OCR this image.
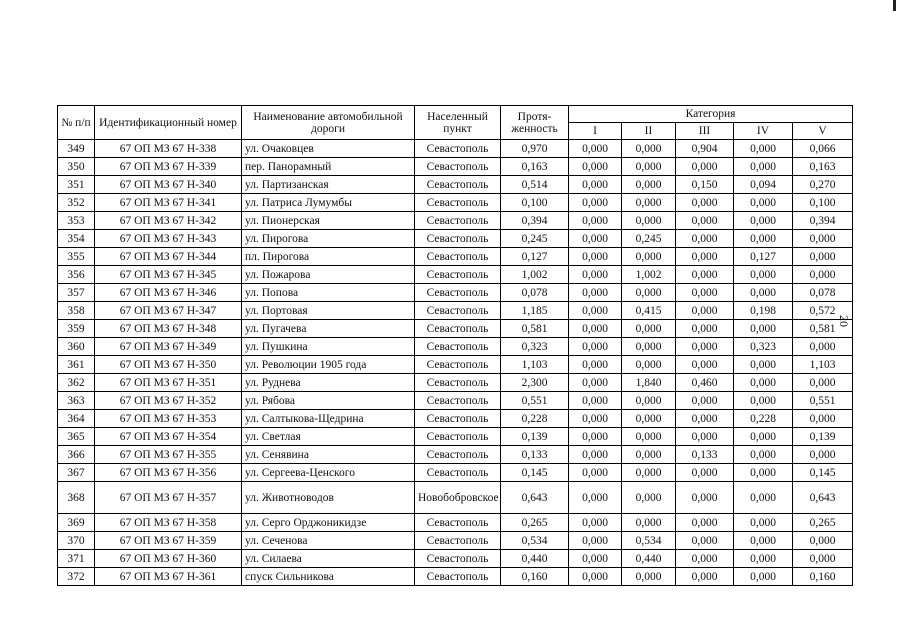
20
№ п/п	Идентификационный номер	Наименование автомобильной дороги	Населенный пункт	Протя- женность	Категория				
					I	II	III	IV	V
349	67 ОП МЗ 67 Н-338	ул. Очаковцев	Севастополь	0,970	0,000	0,000	0,904	0,000	0,066
350	67 ОП МЗ 67 Н-339	пер. Панорамный	Севастополь	0,163	0,000	0,000	0,000	0,000	0,163
351	67 ОП МЗ 67 Н-340	ул. Партизанская	Севастополь	0,514	0,000	0,000	0,150	0,094	0,270
352	67 ОП МЗ 67 Н-341	ул. Патриса Лумумбы	Севастополь	0,100	0,000	0,000	0,000	0,000	0,100
353	67 ОП МЗ 67 Н-342	ул. Пионерская	Севастополь	0,394	0,000	0,000	0,000	0,000	0,394
354	67 ОП МЗ 67 Н-343	ул. Пирогова	Севастополь	0,245	0,000	0,245	0,000	0,000	0,000
355	67 ОП МЗ 67 Н-344	пл. Пирогова	Севастополь	0,127	0,000	0,000	0,000	0,127	0,000
356	67 ОП МЗ 67 Н-345	ул. Пожарова	Севастополь	1,002	0,000	1,002	0,000	0,000	0,000
357	67 ОП МЗ 67 Н-346	ул. Попова	Севастополь	0,078	0,000	0,000	0,000	0,000	0,078
358	67 ОП МЗ 67 Н-347	ул. Портовая	Севастополь	1,185	0,000	0,415	0,000	0,198	0,572
359	67 ОП МЗ 67 Н-348	ул. Пугачева	Севастополь	0,581	0,000	0,000	0,000	0,000	0,581
360	67 ОП МЗ 67 Н-349	ул. Пушкина	Севастополь	0,323	0,000	0,000	0,000	0,323	0,000
361	67 ОП МЗ 67 Н-350	ул. Революции 1905 года	Севастополь	1,103	0,000	0,000	0,000	0,000	1,103
362	67 ОП МЗ 67 Н-351	ул. Руднева	Севастополь	2,300	0,000	1,840	0,460	0,000	0,000
363	67 ОП МЗ 67 Н-352	ул. Рябова	Севастополь	0,551	0,000	0,000	0,000	0,000	0,551
364	67 ОП МЗ 67 Н-353	ул. Салтыкова-Щедрина	Севастополь	0,228	0,000	0,000	0,000	0,228	0,000
365	67 ОП МЗ 67 Н-354	ул. Светлая	Севастополь	0,139	0,000	0,000	0,000	0,000	0,139
366	67 ОП МЗ 67 Н-355	ул. Сенявина	Севастополь	0,133	0,000	0,000	0,133	0,000	0,000
367	67 ОП МЗ 67 Н-356	ул. Сергеева-Ценского	Севастополь	0,145	0,000	0,000	0,000	0,000	0,145
368	67 ОП МЗ 67 Н-357	ул. Животноводов	Новобобровское	0,643	0,000	0,000	0,000	0,000	0,643
369	67 ОП МЗ 67 Н-358	ул. Серго Орджоникидзе	Севастополь	0,265	0,000	0,000	0,000	0,000	0,265
370	67 ОП МЗ 67 Н-359	ул. Сеченова	Севастополь	0,534	0,000	0,534	0,000	0,000	0,000
371	67 ОП МЗ 67 Н-360	ул. Силаева	Севастополь	0,440	0,000	0,440	0,000	0,000	0,000
372	67 ОП МЗ 67 Н-361	спуск Сильникова	Севастополь	0,160	0,000	0,000	0,000	0,000	0,160
